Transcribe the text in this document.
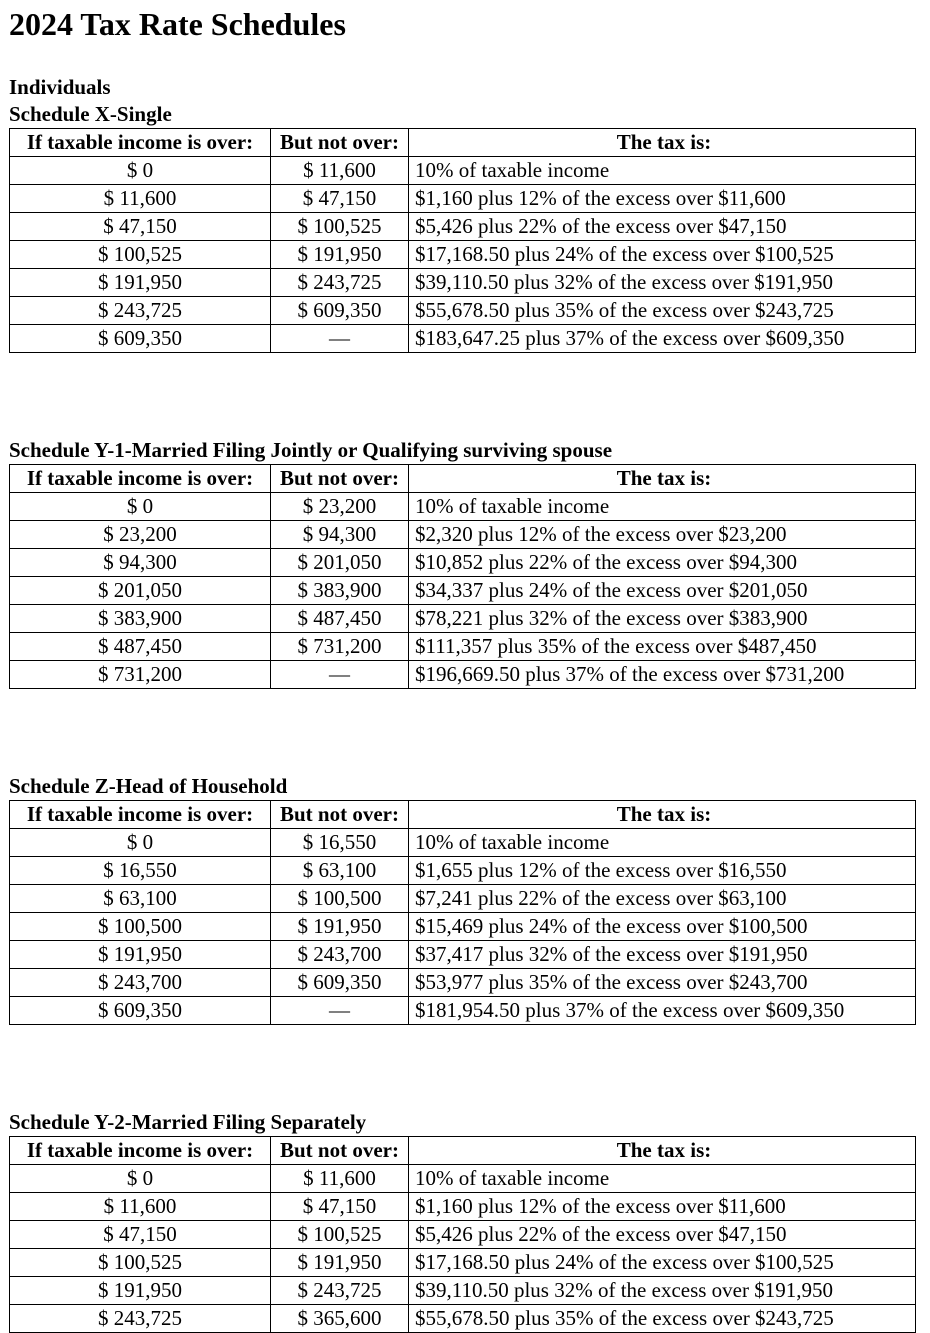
2024 Tax Rate Schedules
Individuals
Schedule X-Single
If taxable income is over:	But not over:	The tax is:
$ 0	$ 11,600	10% of taxable income
$ 11,600	$ 47,150	$1,160 plus 12% of the excess over $11,600
$ 47,150	$ 100,525	$5,426 plus 22% of the excess over $47,150
$ 100,525	$ 191,950	$17,168.50 plus 24% of the excess over $100,525
$ 191,950	$ 243,725	$39,110.50 plus 32% of the excess over $191,950
$ 243,725	$ 609,350	$55,678.50 plus 35% of the excess over $243,725
$ 609,350	—	$183,647.25 plus 37% of the excess over $609,350
Schedule Y-1-Married Filing Jointly or Qualifying surviving spouse
If taxable income is over:	But not over:	The tax is:
$ 0	$ 23,200	10% of taxable income
$ 23,200	$ 94,300	$2,320 plus 12% of the excess over $23,200
$ 94,300	$ 201,050	$10,852 plus 22% of the excess over $94,300
$ 201,050	$ 383,900	$34,337 plus 24% of the excess over $201,050
$ 383,900	$ 487,450	$78,221 plus 32% of the excess over $383,900
$ 487,450	$ 731,200	$111,357 plus 35% of the excess over $487,450
$ 731,200	—	$196,669.50 plus 37% of the excess over $731,200
Schedule Z-Head of Household
If taxable income is over:	But not over:	The tax is:
$ 0	$ 16,550	10% of taxable income
$ 16,550	$ 63,100	$1,655 plus 12% of the excess over $16,550
$ 63,100	$ 100,500	$7,241 plus 22% of the excess over $63,100
$ 100,500	$ 191,950	$15,469 plus 24% of the excess over $100,500
$ 191,950	$ 243,700	$37,417 plus 32% of the excess over $191,950
$ 243,700	$ 609,350	$53,977 plus 35% of the excess over $243,700
$ 609,350	—	$181,954.50 plus 37% of the excess over $609,350
Schedule Y-2-Married Filing Separately
If taxable income is over:	But not over:	The tax is:
$ 0	$ 11,600	10% of taxable income
$ 11,600	$ 47,150	$1,160 plus 12% of the excess over $11,600
$ 47,150	$ 100,525	$5,426 plus 22% of the excess over $47,150
$ 100,525	$ 191,950	$17,168.50 plus 24% of the excess over $100,525
$ 191,950	$ 243,725	$39,110.50 plus 32% of the excess over $191,950
$ 243,725	$ 365,600	$55,678.50 plus 35% of the excess over $243,725
